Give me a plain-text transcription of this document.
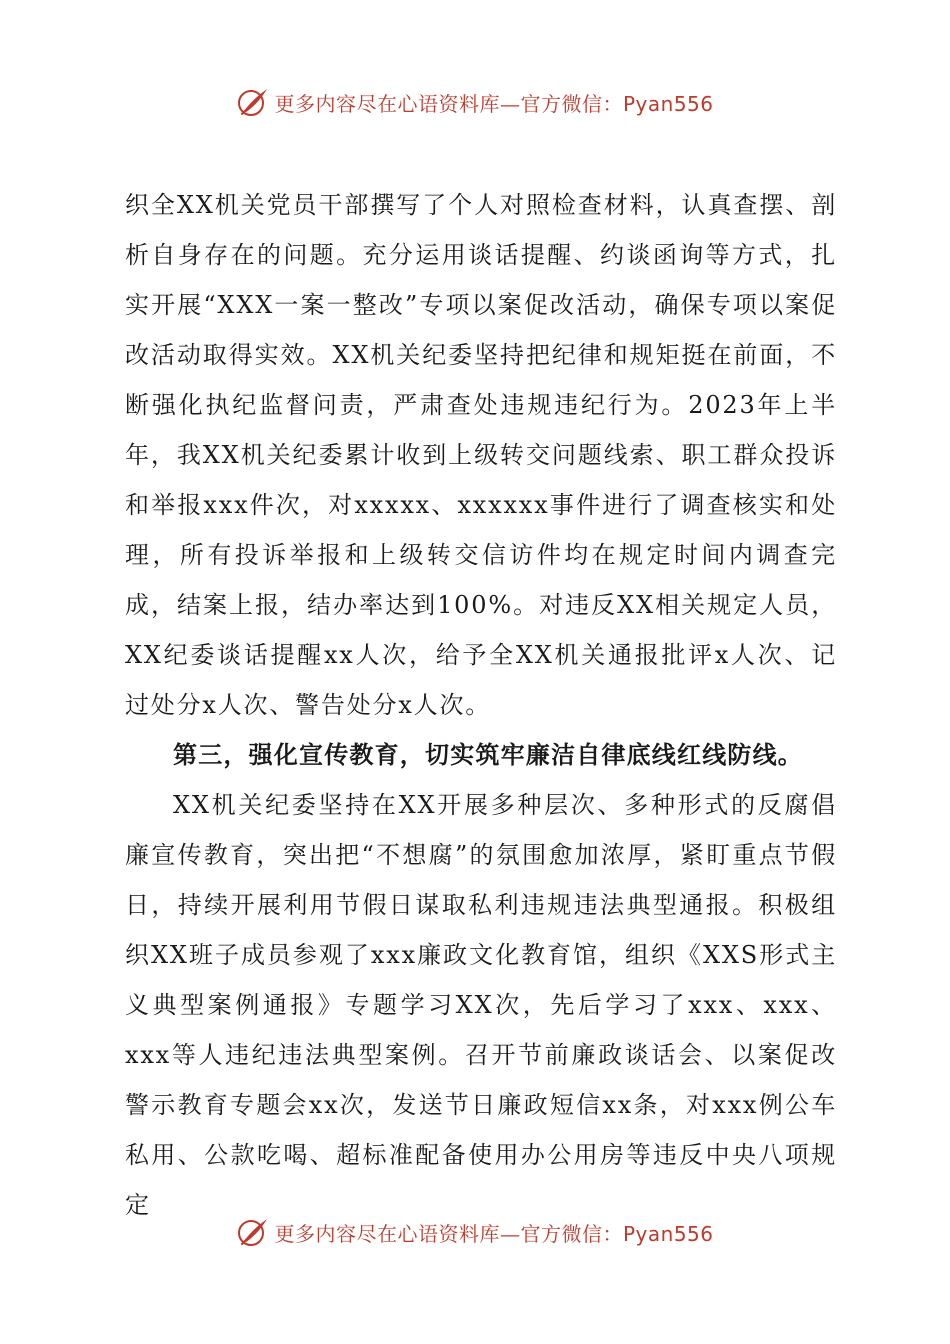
更多内容尽在心语资料库—官方微信：Pyan556

织全XX机关党员干部撰写了个人对照检查材料，认真查摆、剖析自身存在的问题。充分运用谈话提醒、约谈函询等方式，扎实开展“XXX一案一整改”专项以案促改活动，确保专项以案促改活动取得实效。XX机关纪委坚持把纪律和规矩挺在前面，不断强化执纪监督问责，严肃查处违规违纪行为。2023年上半年，我XX机关纪委累计收到上级转交问题线索、职工群众投诉和举报xxx件次，对xxxxx、xxxxxx事件进行了调查核实和处理，所有投诉举报和上级转交信访件均在规定时间内调查完成，结案上报，结办率达到100%。对违反XX相关规定人员，XX纪委谈话提醒xx人次，给予全XX机关通报批评x人次、记过处分x人次、警告处分x人次。

第三，强化宣传教育，切实筑牢廉洁自律底线红线防线。

XX机关纪委坚持在XX开展多种层次、多种形式的反腐倡廉宣传教育，突出把“不想腐”的氛围愈加浓厚，紧盯重点节假日，持续开展利用节假日谋取私利违规违法典型通报。积极组织XX班子成员参观了xxx廉政文化教育馆，组织《XXS形式主义典型案例通报》专题学习XX次，先后学习了xxx、xxx、xxx等人违纪违法典型案例。召开节前廉政谈话会、以案促改警示教育专题会xx次，发送节日廉政短信xx条，对xxx例公车私用、公款吃喝、超标准配备使用办公用房等违反中央八项规定

更多内容尽在心语资料库—官方微信：Pyan556
